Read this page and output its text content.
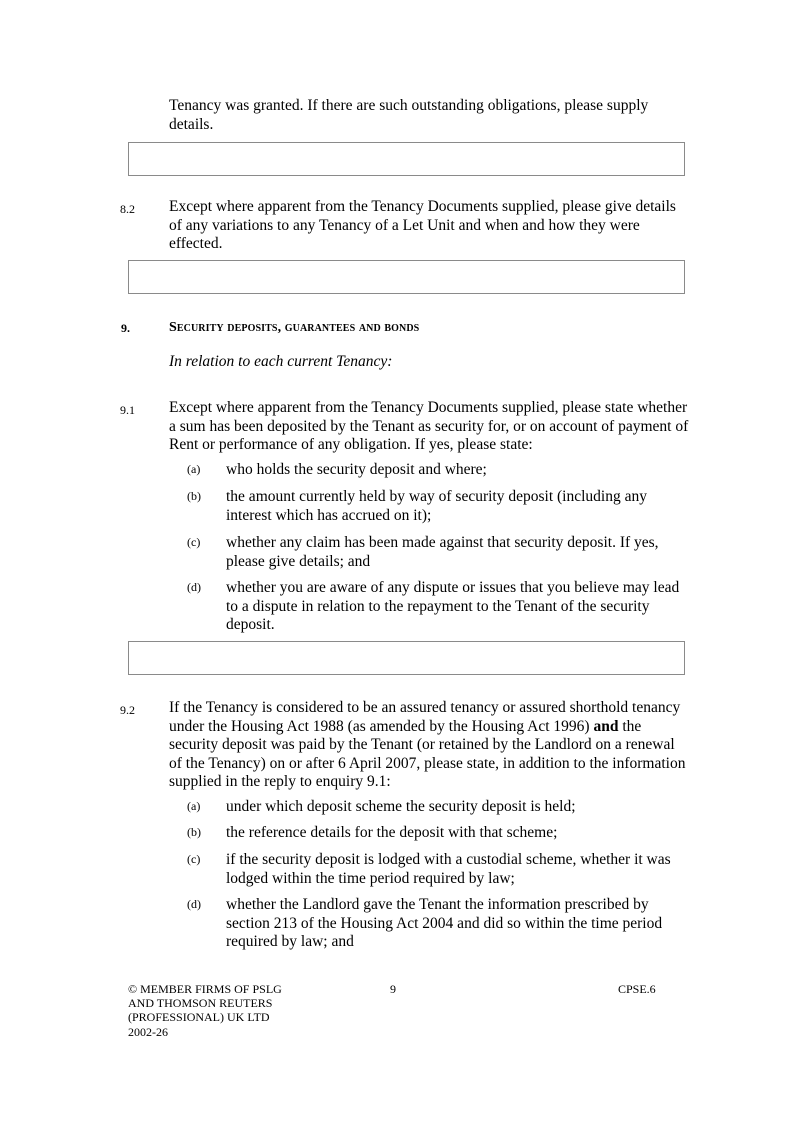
Tenancy was granted. If there are such outstanding obligations, please supply details.
8.2 Except where apparent from the Tenancy Documents supplied, please give details of any variations to any Tenancy of a Let Unit and when and how they were effected.
9.	Security deposits, guarantees and bonds
In relation to each current Tenancy:
9.1 Except where apparent from the Tenancy Documents supplied, please state whether a sum has been deposited by the Tenant as security for, or on account of payment of Rent or performance of any obligation. If yes, please state:
(a) who holds the security deposit and where;
(b) the amount currently held by way of security deposit (including any interest which has accrued on it);
(c) whether any claim has been made against that security deposit. If yes, please give details; and
(d) whether you are aware of any dispute or issues that you believe may lead to a dispute in relation to the repayment to the Tenant of the security deposit.
9.2 If the Tenancy is considered to be an assured tenancy or assured shorthold tenancy under the Housing Act 1988 (as amended by the Housing Act 1996) and the security deposit was paid by the Tenant (or retained by the Landlord on a renewal of the Tenancy) on or after 6 April 2007, please state, in addition to the information supplied in the reply to enquiry 9.1:
(a) under which deposit scheme the security deposit is held;
(b) the reference details for the deposit with that scheme;
(c) if the security deposit is lodged with a custodial scheme, whether it was lodged within the time period required by law;
(d) whether the Landlord gave the Tenant the information prescribed by section 213 of the Housing Act 2004 and did so within the time period required by law; and
© MEMBER FIRMS OF PSLG
AND THOMSON REUTERS
(PROFESSIONAL) UK LTD
2002-26
9	CPSE.6
